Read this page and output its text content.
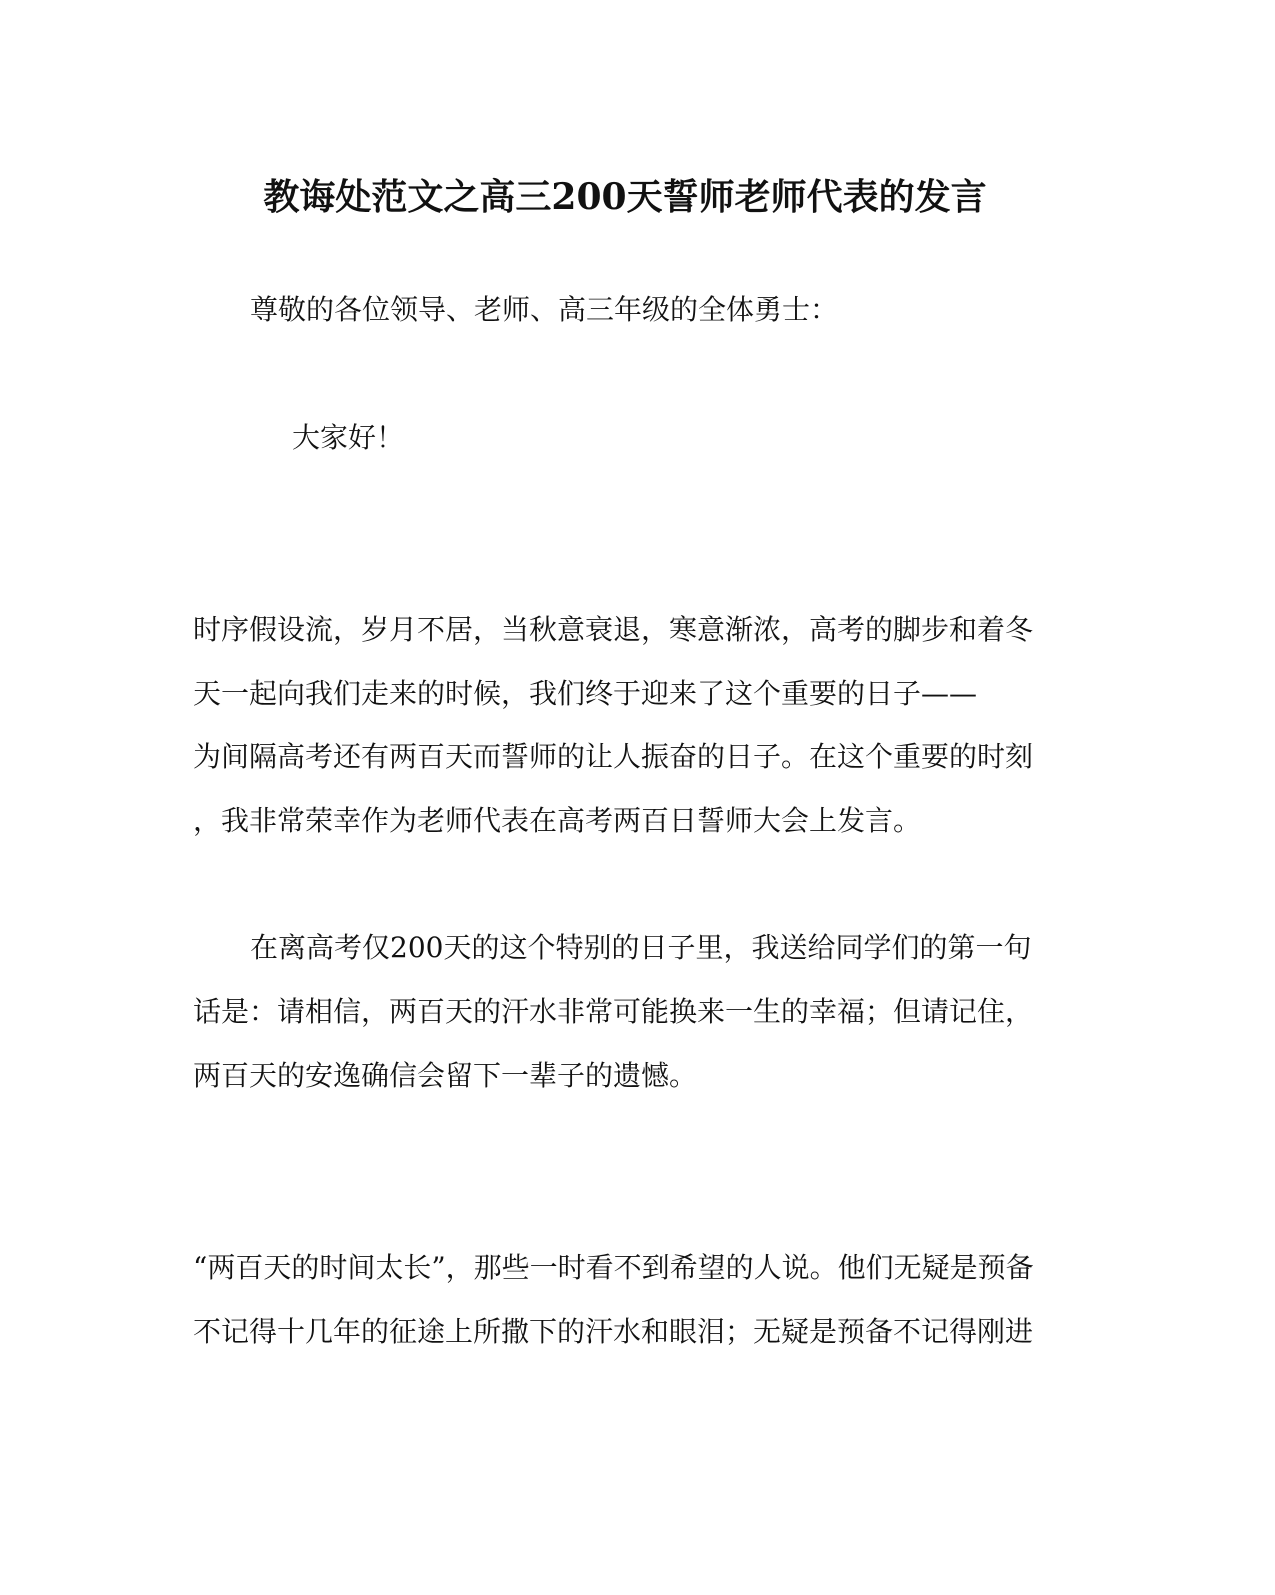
教诲处范文之高三200天誓师老师代表的发言
尊敬的各位领导、老师、高三年级的全体勇士：
大家好！
时序假设流，岁月不居，当秋意衰退，寒意渐浓，高考的脚步和着冬
天一起向我们走来的时候，我们终于迎来了这个重要的日子——
为间隔高考还有两百天而誓师的让人振奋的日子。在这个重要的时刻
，我非常荣幸作为老师代表在高考两百日誓师大会上发言。
在离高考仅200天的这个特别的日子里，我送给同学们的第一句
话是：请相信，两百天的汗水非常可能换来一生的幸福；但请记住，
两百天的安逸确信会留下一辈子的遗憾。
“两百天的时间太长”，那些一时看不到希望的人说。他们无疑是预备
不记得十几年的征途上所撒下的汗水和眼泪；无疑是预备不记得刚进
